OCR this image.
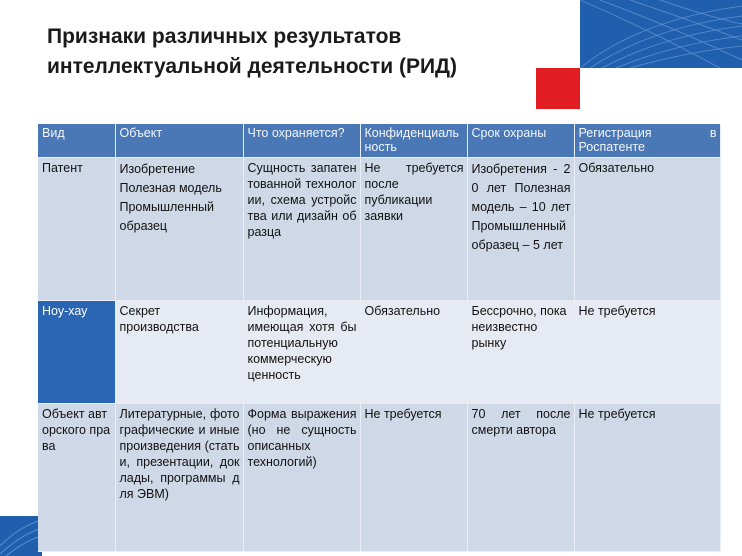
Признаки различных результатов
интеллектуальной деятельности (РИД)
Вид	Объект	Что охраняется?	Конфиденциальность	Срок охраны	Регистрация в
Роспатенте

Патент	Изобретение Полезная модель Промышленный образец	Сущность запатентованной технологии, схема устройства или дизайн образца	Не требуется после публикации заявки	Изобретения - 20 лет Полезная модель – 10 лет Промышленный образец – 5 лет	Обязательно
Ноу-хау	Секрет производства	Информация, имеющая хотя бы потенциальную коммерческую ценность	Обязательно	Бессрочно, пока неизвестно рынку	Не требуется
Объект авторского права	Литературные, фотографические и иные произведения (статьи, презентации, доклады, программы для ЭВМ)	Форма выражения (но не сущность описанных технологий)	Не требуется	70 лет после смерти автора	Не требуется
